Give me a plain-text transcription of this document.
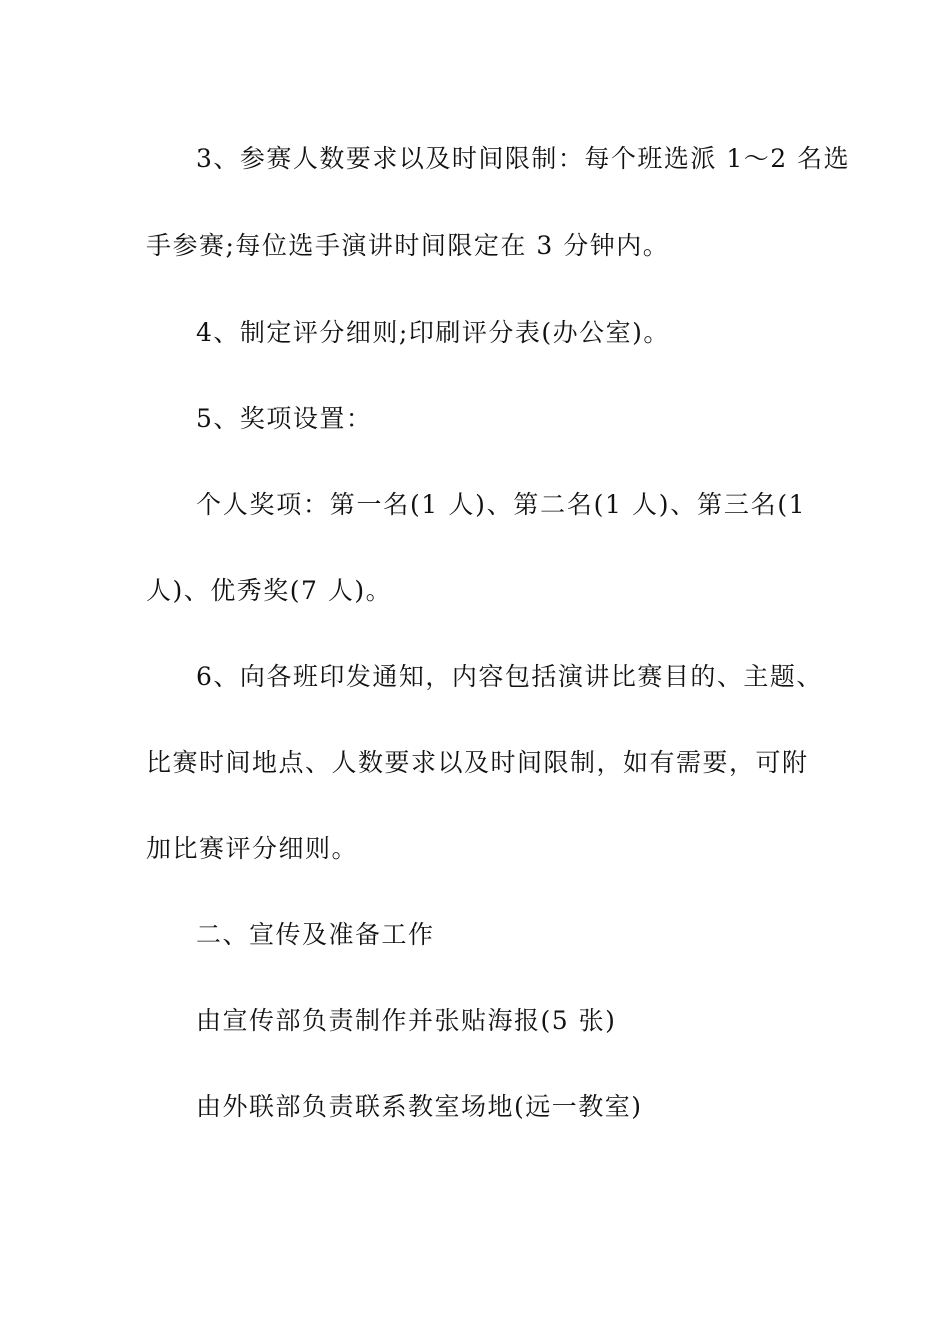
3、参赛人数要求以及时间限制：每个班选派 1～2 名选
手参赛;每位选手演讲时间限定在 3 分钟内。
4、制定评分细则;印刷评分表(办公室)。
5、奖项设置：
个人奖项：第一名(1 人)、第二名(1 人)、第三名(1
人)、优秀奖(7 人)。
6、向各班印发通知，内容包括演讲比赛目的、主题、
比赛时间地点、人数要求以及时间限制，如有需要，可附
加比赛评分细则。
二、宣传及准备工作
由宣传部负责制作并张贴海报(5 张)
由外联部负责联系教室场地(远一教室)
